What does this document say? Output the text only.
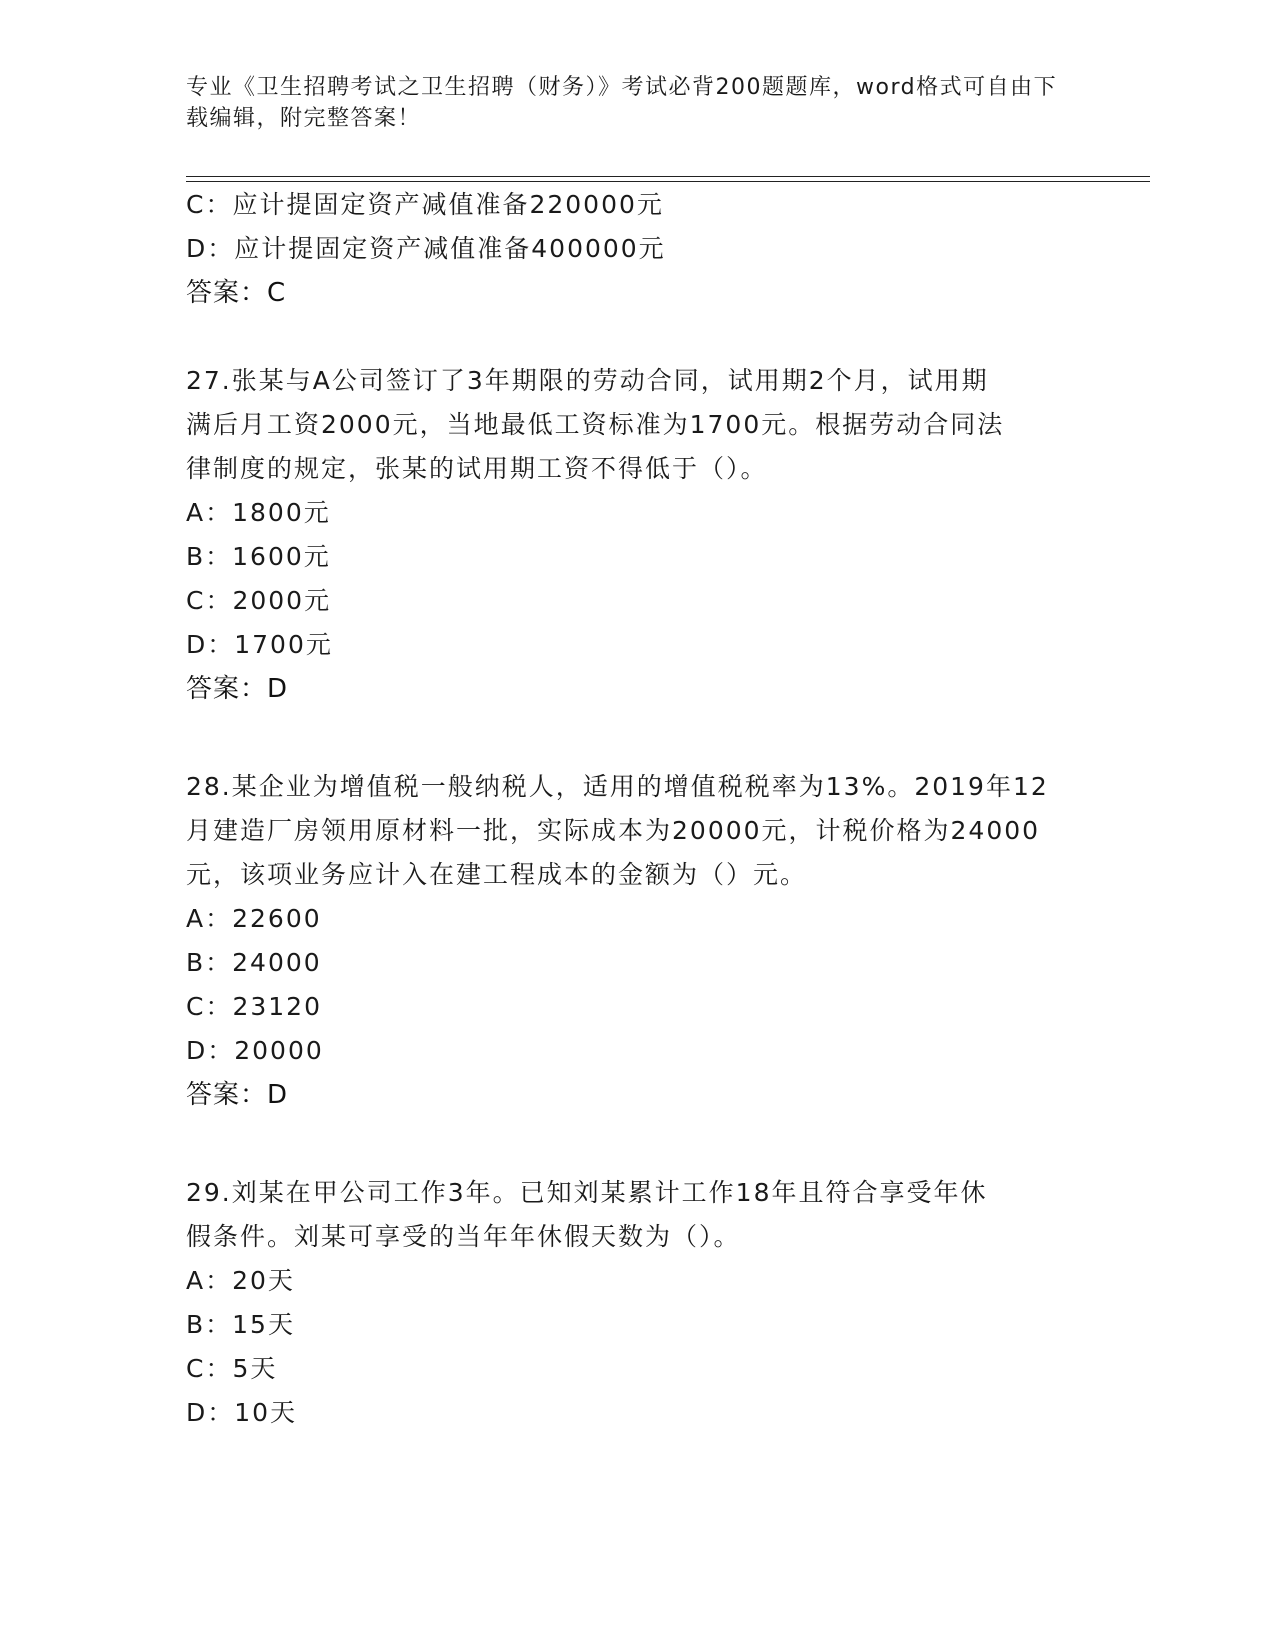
专业《卫生招聘考试之卫生招聘（财务）》考试必背200题题库，word格式可自由下载编辑，附完整答案！
C：应计提固定资产减值准备220000元
D：应计提固定资产减值准备400000元
答案：C
27.张某与A公司签订了3年期限的劳动合同，试用期2个月，试用期
满后月工资2000元，当地最低工资标准为1700元。根据劳动合同法
律制度的规定，张某的试用期工资不得低于（）。
A：1800元
B：1600元
C：2000元
D：1700元
答案：D
28.某企业为增值税一般纳税人，适用的增值税税率为13%。2019年12
月建造厂房领用原材料一批，实际成本为20000元，计税价格为24000
元，该项业务应计入在建工程成本的金额为（）元。
A：22600
B：24000
C：23120
D：20000
答案：D
29.刘某在甲公司工作3年。已知刘某累计工作18年且符合享受年休
假条件。刘某可享受的当年年休假天数为（）。
A：20天
B：15天
C：5天
D：10天
